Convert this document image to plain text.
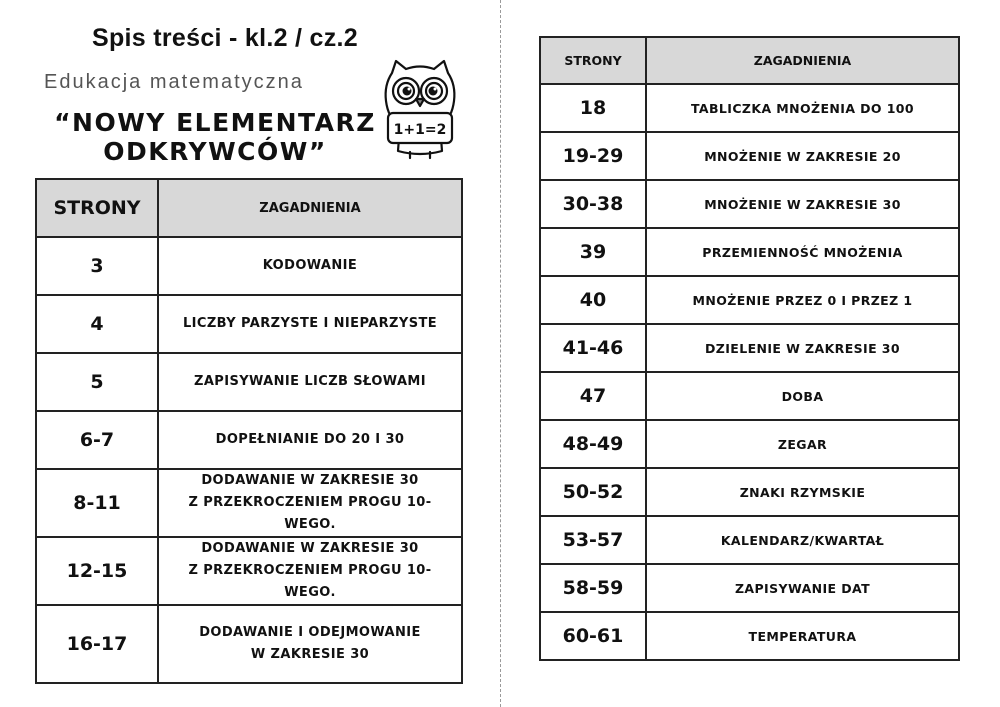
Spis treści - kl.2 / cz.2
Edukacja matematyczna
“NOWY ELEMENTARZ
ODKRYWCÓW”
1+1=2
STRONY	ZAGADNIENIA
3	KODOWANIE
4	LICZBY PARZYSTE I NIEPARZYSTE
5	ZAPISYWANIE LICZB SŁOWAMI
6-7	DOPEŁNIANIE DO 20 I 30
8-11	DODAWANIE W ZAKRESIE 30
Z PRZEKROCZENIEM PROGU 10-WEGO.

12-15	DODAWANIE W ZAKRESIE 30
Z PRZEKROCZENIEM PROGU 10-WEGO.

16-17	DODAWANIE I ODEJMOWANIE
W ZAKRESIE 30
STRONY	ZAGADNIENIA
18	TABLICZKA MNOŻENIA DO 100
19-29	MNOŻENIE W ZAKRESIE 20
30-38	MNOŻENIE W ZAKRESIE 30
39	PRZEMIENNOŚĆ MNOŻENIA
40	MNOŻENIE PRZEZ 0 I PRZEZ 1
41-46	DZIELENIE W ZAKRESIE 30
47	DOBA
48-49	ZEGAR
50-52	ZNAKI RZYMSKIE
53-57	KALENDARZ/KWARTAŁ
58-59	ZAPISYWANIE DAT
60-61	TEMPERATURA
